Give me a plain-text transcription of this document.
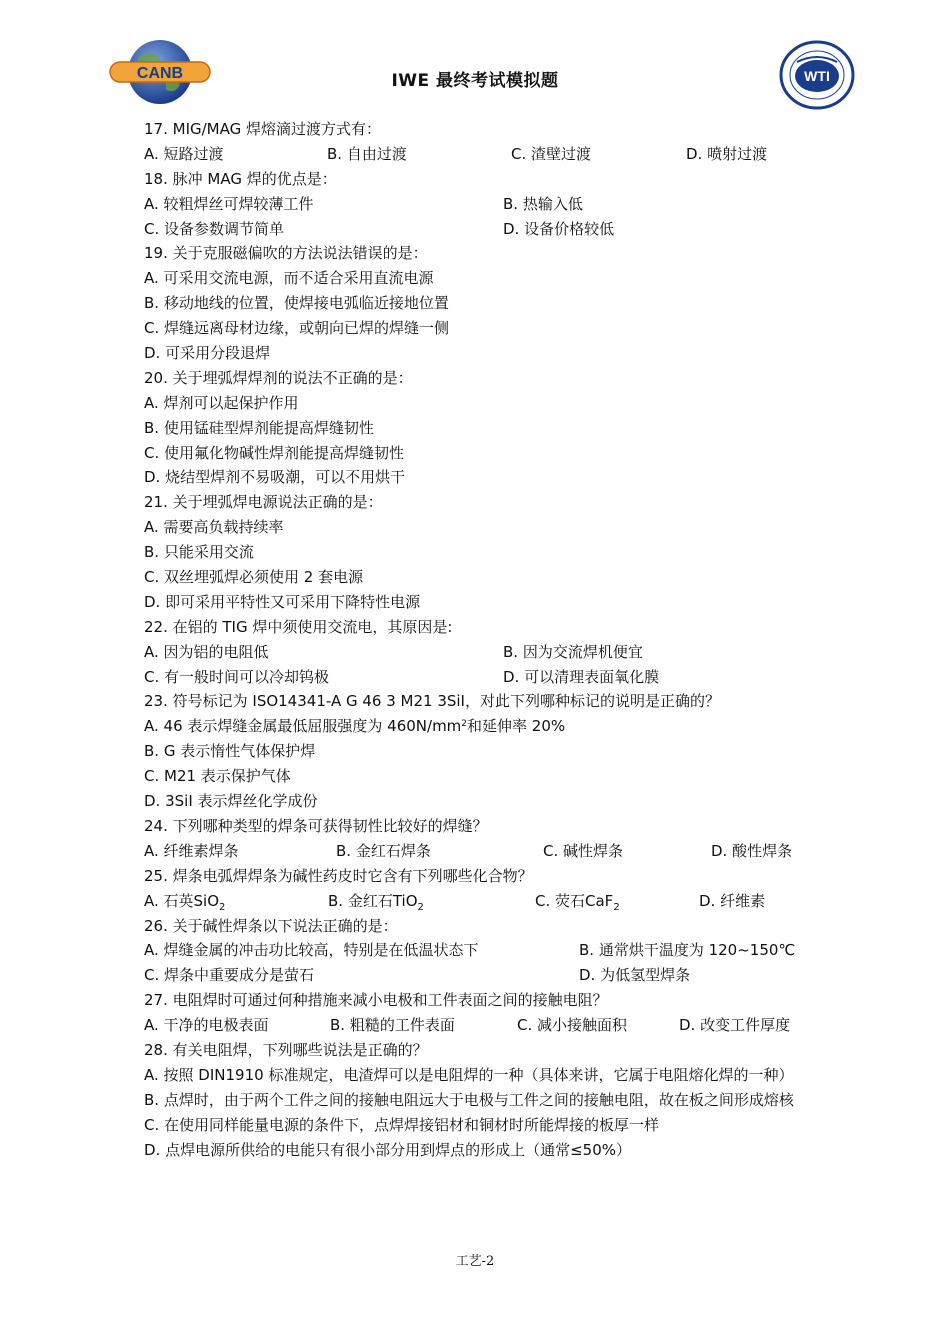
CANB	IWE 最终考试模拟题	WTI
17. MIG/MAG 焊熔滴过渡方式有：
A. 短路过渡	B. 自由过渡	C. 渣壁过渡	D. 喷射过渡
18. 脉冲 MAG 焊的优点是：
A. 较粗焊丝可焊较薄工件	B. 热输入低
C. 设备参数调节简单	D. 设备价格较低
19. 关于克服磁偏吹的方法说法错误的是：
A. 可采用交流电源，而不适合采用直流电源
B. 移动地线的位置，使焊接电弧临近接地位置
C. 焊缝远离母材边缘，或朝向已焊的焊缝一侧
D. 可采用分段退焊
20. 关于埋弧焊焊剂的说法不正确的是：
A. 焊剂可以起保护作用
B. 使用锰硅型焊剂能提高焊缝韧性
C. 使用氟化物碱性焊剂能提高焊缝韧性
D. 烧结型焊剂不易吸潮，可以不用烘干
21. 关于埋弧焊电源说法正确的是：
A. 需要高负载持续率
B. 只能采用交流
C. 双丝埋弧焊必须使用 2 套电源
D. 即可采用平特性又可采用下降特性电源
22. 在铝的 TIG 焊中须使用交流电，其原因是:
A. 因为铝的电阻低	B. 因为交流焊机便宜
C. 有一般时间可以冷却钨极	D. 可以清理表面氧化膜
23. 符号标记为 ISO14341-A G 46 3 M21 3SiI，对此下列哪种标记的说明是正确的？
A. 46 表示焊缝金属最低屈服强度为 $460N/mm^2$和延伸率 20%
B. G 表示惰性气体保护焊
C. M21 表示保护气体
D. 3SiI 表示焊丝化学成份
24. 下列哪种类型的焊条可获得韧性比较好的焊缝？
A. 纤维素焊条	B. 金红石焊条	C. 碱性焊条	D. 酸性焊条
25. 焊条电弧焊焊条为碱性药皮时它含有下列哪些化合物？
A. 石英SiO$_2$	B. 金红石TiO$_2$	C. 荧石CaF$_2$	D. 纤维素
26. 关于碱性焊条以下说法正确的是：
A. 焊缝金属的冲击功比较高，特别是在低温状态下	B. 通常烘干温度为 120~150℃
C. 焊条中重要成分是萤石	D. 为低氢型焊条
27. 电阻焊时可通过何种措施来减小电极和工件表面之间的接触电阻？
A. 干净的电极表面	B. 粗糙的工件表面	C. 减小接触面积	D. 改变工件厚度
28. 有关电阻焊，下列哪些说法是正确的？
A. 按照 DIN1910 标准规定，电渣焊可以是电阻焊的一种（具体来讲，它属于电阻熔化焊的一种）
B. 点焊时，由于两个工件之间的接触电阻远大于电极与工件之间的接触电阻，故在板之间形成熔核
C. 在使用同样能量电源的条件下，点焊焊接铝材和铜材时所能焊接的板厚一样
D. 点焊电源所供给的电能只有很小部分用到焊点的形成上（通常≤50%）
工艺-2
